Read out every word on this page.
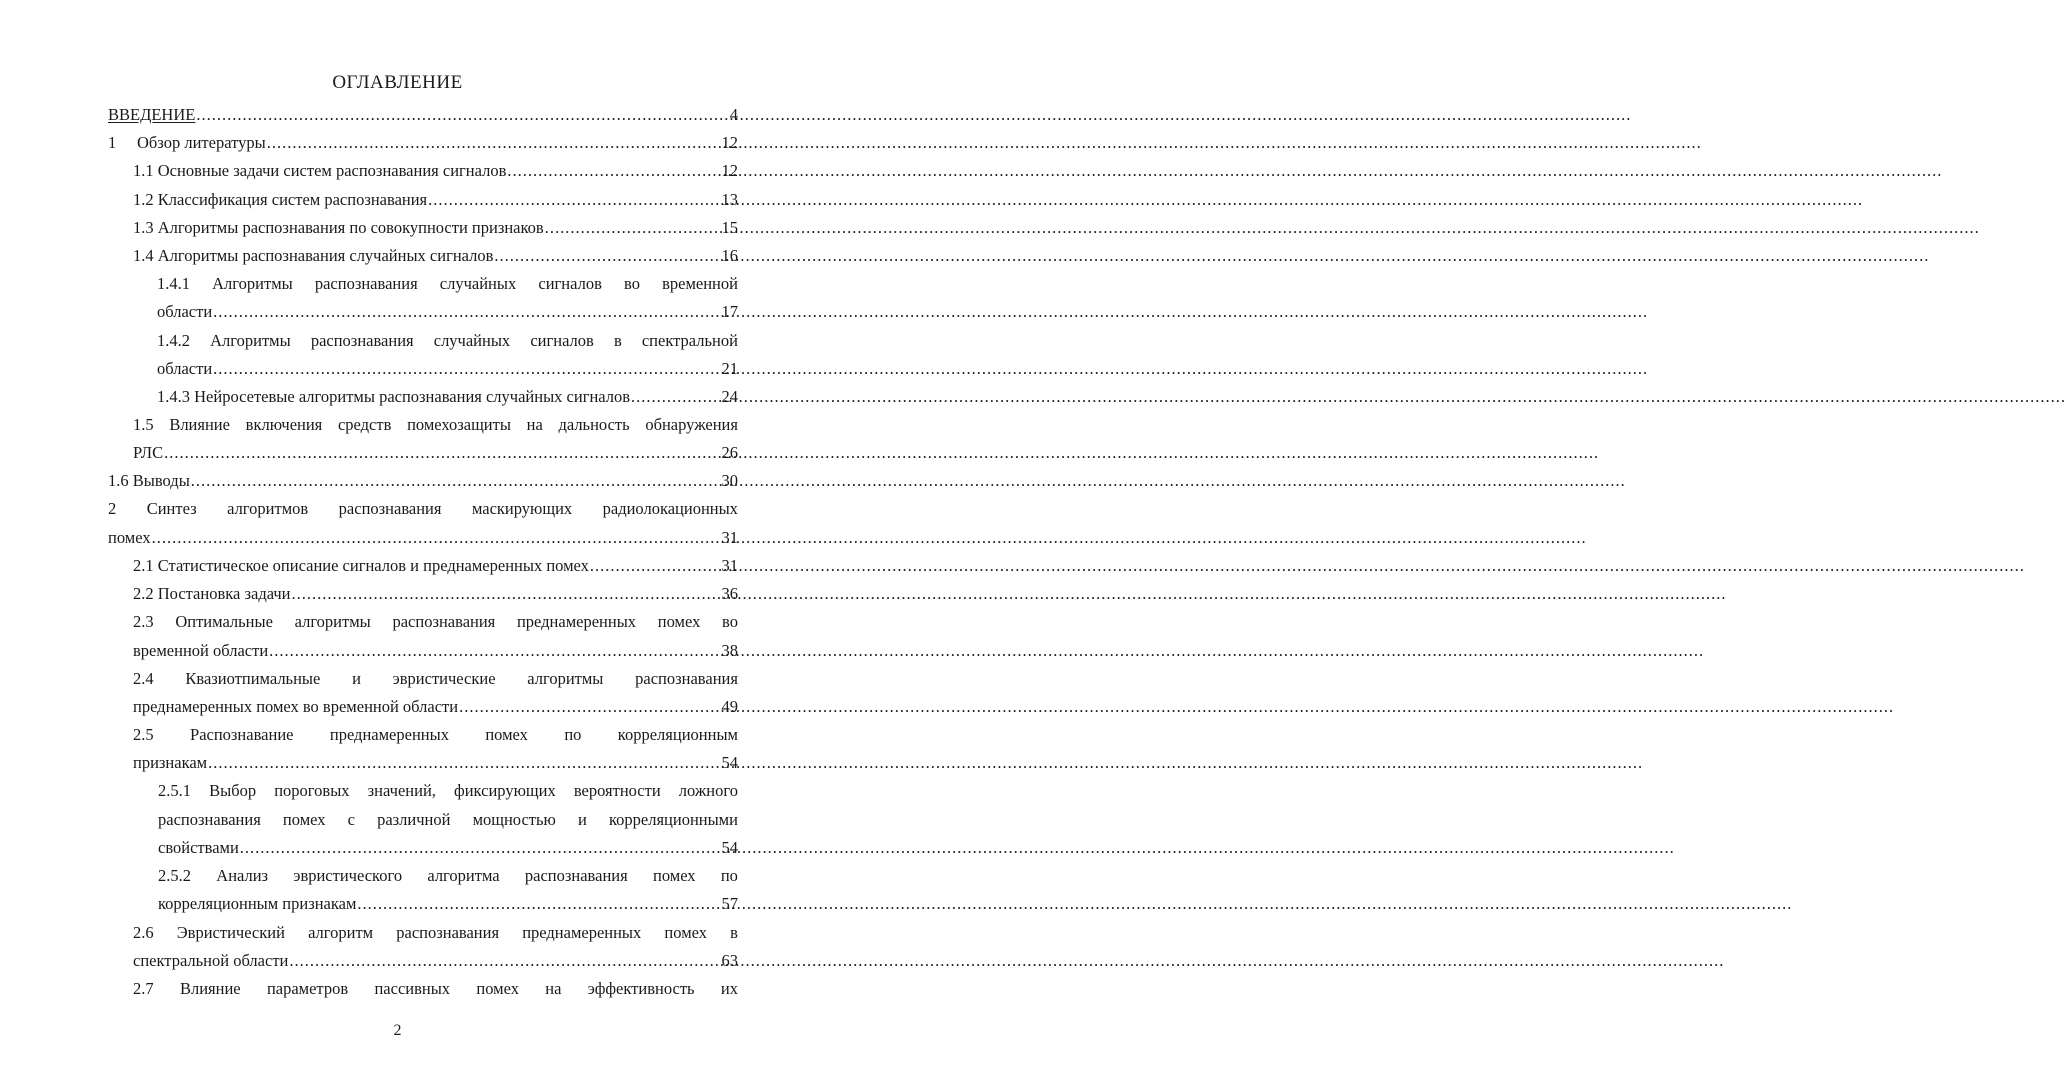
ОГЛАВЛЕНИЕ
ВВЕДЕНИЕ .....	4
1	Обзор литературы .....	12
1.1 Основные задачи систем распознавания сигналов .....	12
1.2 Классификация систем распознавания .....	13
1.3 Алгоритмы распознавания по совокупности признаков .....	15
1.4 Алгоритмы распознавания случайных сигналов .....	16
1.4.1 Алгоритмы распознавания случайных сигналов во временной
области .....	17
1.4.2 Алгоритмы распознавания случайных сигналов в спектральной
области .....	21
1.4.3 Нейросетевые алгоритмы распознавания случайных сигналов .....	24
1.5 Влияние включения средств помехозащиты на дальность обнаружения
РЛС .....	26
1.6 Выводы .....	30
2 Синтез алгоритмов распознавания маскирующих радиолокационных
помех .....	31
2.1 Статистическое описание сигналов и преднамеренных помех .....	31
2.2 Постановка задачи .....	36
2.3 Оптимальные алгоритмы распознавания преднамеренных помех во
временной области .....	38
2.4 Квазиотпимальные и эвристические алгоритмы распознавания
преднамеренных помех во временной области .....	49
2.5 Распознавание преднамеренных помех по корреляционным
признакам .....	54
2.5.1 Выбор пороговых значений, фиксирующих вероятности ложного
распознавания помех с различной мощностью и корреляционными
свойствами .....	54
2.5.2 Анализ эвристического алгоритма распознавания помех по
корреляционным признакам .....	57
2.6 Эвристический алгоритм распознавания преднамеренных помех в
спектральной области .....	63
2.7 Влияние параметров пассивных помех на эффективность их
2
